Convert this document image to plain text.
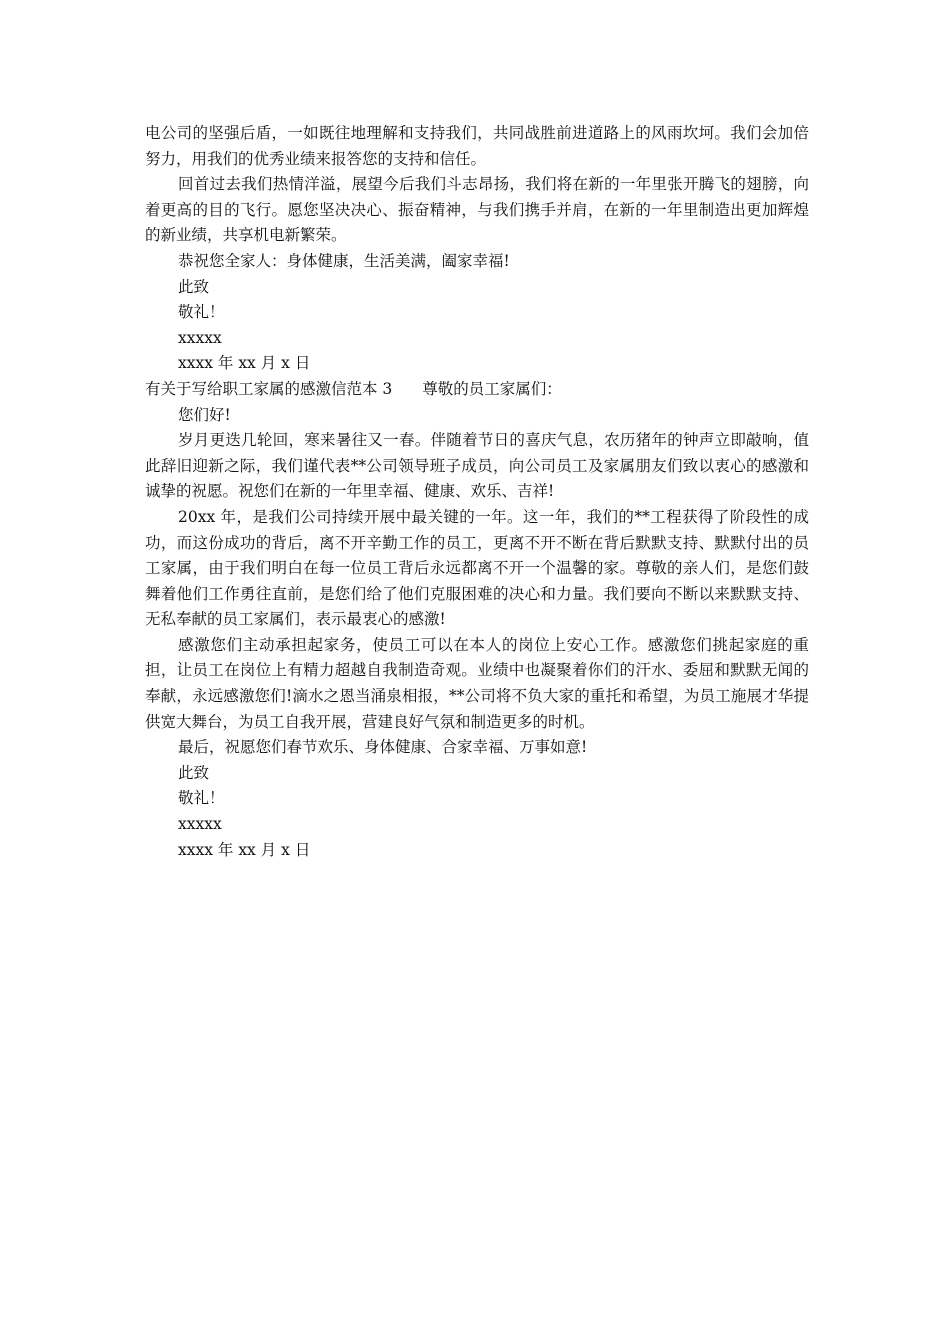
电公司的坚强后盾，一如既往地理解和支持我们，共同战胜前进道路上的风雨坎坷。我们会加倍努力，用我们的优秀业绩来报答您的支持和信任。

回首过去我们热情洋溢，展望今后我们斗志昂扬，我们将在新的一年里张开腾飞的翅膀，向着更高的目的飞行。愿您坚决决心、振奋精神，与我们携手并肩，在新的一年里制造出更加辉煌的新业绩，共享机电新繁荣。

恭祝您全家人：身体健康，生活美满，阖家幸福!

此致

敬礼！

xxxxx

xxxx 年 xx 月 x 日

有关于写给职工家属的感激信范本 3 尊敬的员工家属们：

您们好!

岁月更迭几轮回，寒来暑往又一春。伴随着节日的喜庆气息，农历猪年的钟声立即敲响，值此辞旧迎新之际，我们谨代表**公司领导班子成员，向公司员工及家属朋友们致以衷心的感激和诚挚的祝愿。祝您们在新的一年里幸福、健康、欢乐、吉祥!

20xx 年，是我们公司持续开展中最关键的一年。这一年，我们的**工程获得了阶段性的成功，而这份成功的背后，离不开辛勤工作的员工，更离不开不断在背后默默支持、默默付出的员工家属，由于我们明白在每一位员工背后永远都离不开一个温馨的家。尊敬的亲人们，是您们鼓舞着他们工作勇往直前，是您们给了他们克服困难的决心和力量。我们要向不断以来默默支持、无私奉献的员工家属们，表示最衷心的感激!

感激您们主动承担起家务，使员工可以在本人的岗位上安心工作。感激您们挑起家庭的重担，让员工在岗位上有精力超越自我制造奇观。业绩中也凝聚着你们的汗水、委屈和默默无闻的奉献，永远感激您们!滴水之恩当涌泉相报，**公司将不负大家的重托和希望，为员工施展才华提供宽大舞台，为员工自我开展，营建良好气氛和制造更多的时机。

最后，祝愿您们春节欢乐、身体健康、合家幸福、万事如意!

此致

敬礼！

xxxxx

xxxx 年 xx 月 x 日
